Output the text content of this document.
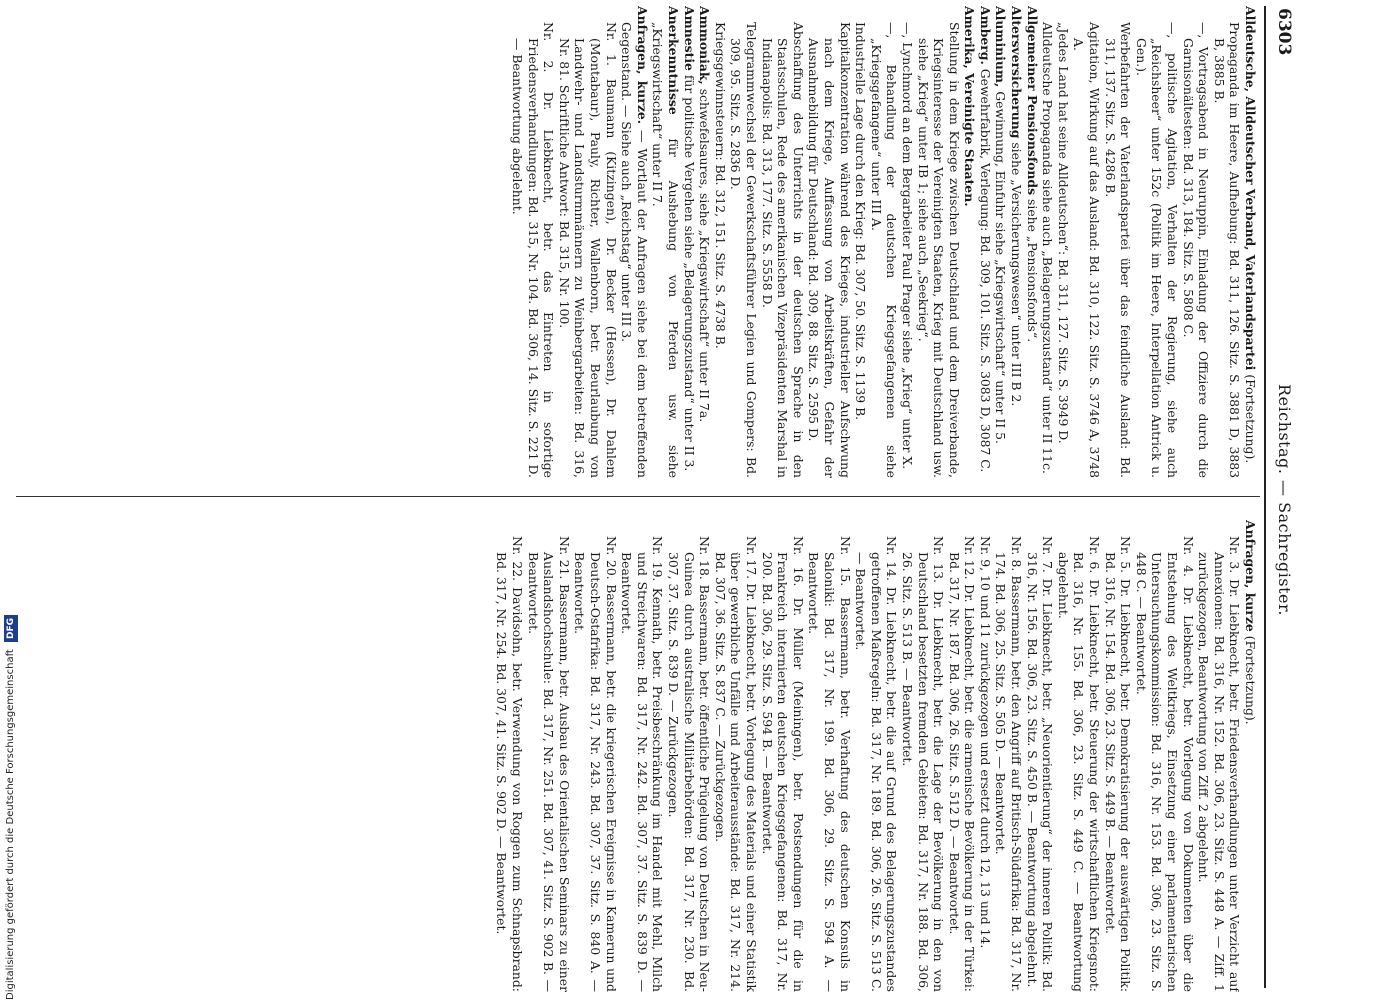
6303
Reichstag. — Sachregister.
Anfragen, kurze (Fortsetzung).
Nr. 3. Dr. Liebknecht, betr. Friedensverhandlungen unter Verzicht auf Annexionen: Bd. 316, Nr. 152. Bd. 306, 23. Sitz. S. 448 A. — Ziff. 1 zurückgezogen, Beantwortung von Ziff. 2 abgelehnt.
Nr. 4. Dr. Liebknecht, betr. Vorlegung von Dokumenten über die Entstehung des Weltkriegs, Einsetzung einer parlamentarischen Untersuchungskommission: Bd. 316, Nr. 153. Bd. 306, 23. Sitz. S. 448 C. — Beantwortet.
Nr. 5. Dr. Liebknecht, betr. Demokratisierung der auswärtigen Politik: Bd. 316, Nr. 154. Bd. 306, 23. Sitz. S. 449 B. — Beantwortet.
Nr. 6. Dr. Liebknecht, betr. Steuerung der wirtschaftlichen Kriegsnot: Bd. 316, Nr. 155. Bd. 306, 23. Sitz. S. 449 C. — Beantwortung abgelehnt.
Nr. 7. Dr. Liebknecht, betr. „Neuorientierung“ der inneren Politik: Bd. 316, Nr. 156. Bd. 306, 23. Sitz. S. 450 B. — Beantwortung abgelehnt.
Nr. 8. Bassermann, betr. den Angriff auf Britisch-Südafrika: Bd. 317, Nr. 174. Bd. 306, 25. Sitz. S. 505 D. — Beantwortet.
Nr. 9, 10 und 11 zurückgezogen und ersetzt durch 12, 13 und 14.
Nr. 12. Dr. Liebknecht, betr. die armenische Bevölkerung in der Türkei: Bd. 317, Nr. 187. Bd. 306, 26. Sitz. S. 512 D. — Beantwortet.
Nr. 13. Dr. Liebknecht, betr. die Lage der Bevölkerung in den von Deutschland besetzten fremden Gebieten: Bd. 317, Nr. 188. Bd. 306, 26. Sitz. S. 513 B. — Beantwortet.
Nr. 14. Dr. Liebknecht, betr. die auf Grund des Belagerungszustandes getroffenen Maßregeln: Bd. 317, Nr. 189. Bd. 306, 26. Sitz. S. 513 C. — Beantwortet.
Nr. 15. Bassermann, betr. Verhaftung des deutschen Konsuls in Saloniki: Bd. 317, Nr. 199. Bd. 306, 29. Sitz. S. 594 A. — Beantwortet.
Nr. 16. Dr. Müller (Meiningen), betr. Postsendungen für die in Frankreich internierten deutschen Kriegsgefangenen: Bd. 317, Nr. 200. Bd. 306, 29. Sitz. S. 594 B. — Beantwortet.
Nr. 17. Dr. Liebknecht, betr. Vorlegung des Materials und einer Statistik über gewerbliche Unfälle und Arbeiterausstände: Bd. 317, Nr. 214. Bd. 307, 36. Sitz. S. 837 C. — Zurückgezogen.
Nr. 18. Bassermann, betr. öffentliche Prügelung von Deutschen in Neu-Guinea durch australische Militärbehörden: Bd. 317, Nr. 230. Bd. 307, 37. Sitz. S. 839 D. — Zurückgezogen.
Nr. 19. Kennath, betr. Preisbeschränkung im Handel mit Mehl, Milch und Streichwaren: Bd. 317, Nr. 242. Bd. 307, 37. Sitz. S. 839 D. — Beantwortet.
Nr. 20. Bassermann, betr. die kriegerischen Ereignisse in Kamerun und Deutsch-Ostafrika: Bd. 317, Nr. 243. Bd. 307, 37. Sitz. S. 840 A. — Beantwortet.
Nr. 21. Bassermann, betr. Ausbau des Orientalischen Seminars zu einer Auslandshochschule: Bd. 317, Nr. 251. Bd. 307, 41. Sitz. S. 902 B. — Beantwortet.
Nr. 22. Davidsohn, betr. Verwendung von Roggen zum Schnapsbrand: Bd. 317, Nr. 254. Bd. 307, 41. Sitz. S. 902 D. — Beantwortet.
Alldeutsche, Alldeutscher Verband, Vaterlandspartei (Fortsetzung).
Propaganda im Heere, Aufhebung: Bd. 311, 126. Sitz. S. 3881 D, 3883 B, 3885 B.
—, Vortragsabend in Neuruppin, Einladung der Offiziere durch die Garnisonältesten: Bd. 313, 184. Sitz. S. 5808 C.
—, politische Agitation, Verhalten der Regierung, siehe auch „Reichsheer“ unter 152c (Politik im Heere, Interpellation Antrick u. Gen.).
Werbefahrten der Vaterlandspartei über das feindliche Ausland: Bd. 311, 137. Sitz. S. 4286 B.
Agitation, Wirkung auf das Ausland: Bd. 310, 122. Sitz. S. 3746 A, 3748 A.
„Jedes Land hat seine Alldeutschen“: Bd. 311, 127. Sitz. S. 3949 D.
Alldeutsche Propaganda siehe auch „Belagerungszustand“ unter II 11c.
Allgemeiner Pensionsfonds siehe „Pensionsfonds“.
Altersversicherung siehe „Versicherungswesen“ unter III B 2.
Aluminium, Gewinnung, Einfuhr siehe „Kriegswirtschaft“ unter II 5.
Amberg. Gewehrfabrik, Verlegung: Bd. 309, 101. Sitz. S. 3083 D, 3087 C.
Amerika, Vereinigte Staaten.
Stellung in dem Kriege zwischen Deutschland und dem Dreiverbande, Kriegsinteresse der Vereinigten Staaten, Krieg mit Deutschland usw. siehe „Krieg“ unter IB 1; siehe auch „Seekrieg“.
—, Lynchmord an dem Bergarbeiter Paul Prager siehe „Krieg“ unter X.
—, Behandlung der deutschen Kriegsgefangenen siehe „Kriegsgefangene“ unter III A.
Industrielle Lage durch den Krieg: Bd. 307, 50. Sitz. S. 1139 B.
Kapitalkonzentration während des Krieges, industrieller Aufschwung nach dem Kriege, Auffassung von Arbeitskräften, Gefahr der Ausnahmebildung für Deutschland: Bd. 309, 88. Sitz. S. 2595 D.
Abschaffung des Unterrichts in der deutschen Sprache in den Staatsschulen, Rede des amerikanischen Vizepräsidenten Marshal in Indianapolis: Bd. 313, 177. Sitz. S. 5558 D.
Telegrammwechsel der Gewerkschaftsführer Legien und Gompers: Bd. 309, 95. Sitz. S. 2836 D.
Kriegsgewinnsteuern: Bd. 312, 151. Sitz. S. 4738 B.
Ammoniak, schwefelsaures, siehe „Kriegswirtschaft“ unter II 7a.
Amnestie für politische Vergehen siehe „Belagerungszustand“ unter II 3.
Anerkenntnisse für Aushebung von Pferden usw. siehe „Kriegswirtschaft“ unter II 7.
Anfragen, kurze. — Wortlaut der Anfragen siehe bei dem betreffenden Gegenstand. — Siehe auch „Reichstag“ unter III 3.
Nr. 1. Baumann (Kitzingen), Dr. Becker (Hessen), Dr. Dahlem (Montabaur), Pauly, Richter, Wallenborn, betr. Beurlaubung von Landwehr- und Landsturmmännern zu Weinbergarbeiten: Bd. 316, Nr. 81. Schriftliche Antwort: Bd. 315, Nr. 100.
Nr. 2. Dr. Liebknecht, betr. das Eintreten in sofortige Friedensverhandlungen: Bd. 315, Nr. 104. Bd. 306, 14. Sitz. S. 221 D. — Beantwortung abgelehnt.
Digitalisierung gefördert durch die Deutsche Forschungsgemeinschaft DFG
